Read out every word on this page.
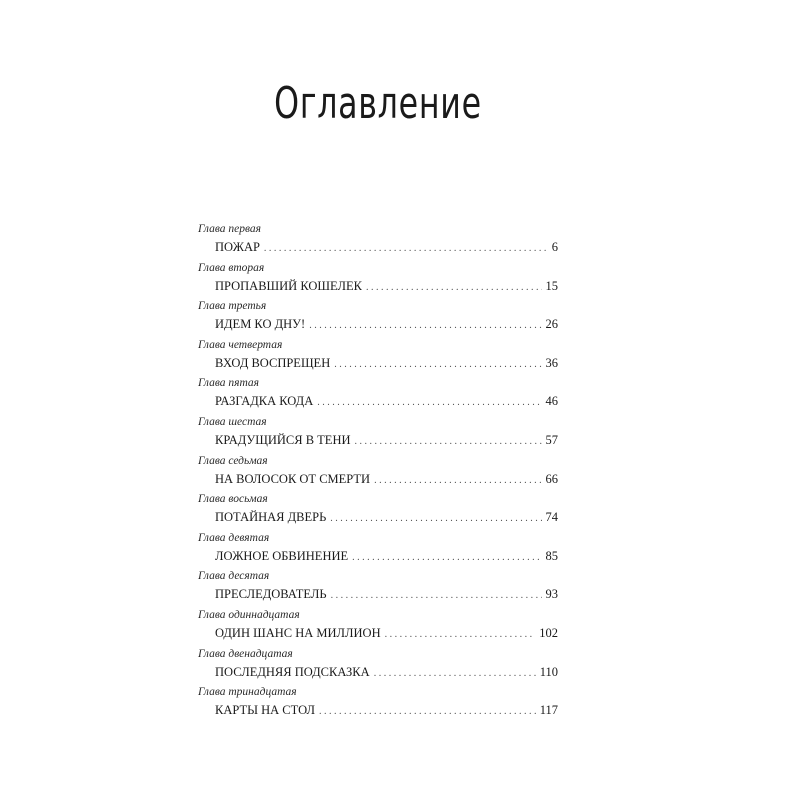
Оглавление
Глава первая
ПОЖАР . . .	6
Глава вторая
ПРОПАВШИЙ КОШЕЛЕК . . .	15
Глава третья
ИДЕМ КО ДНУ! . . .	26
Глава четвертая
ВХОД ВОСПРЕЩЕН . . .	36
Глава пятая
РАЗГАДКА КОДА . . .	46
Глава шестая
КРАДУЩИЙСЯ В ТЕНИ . . .	57
Глава седьмая
НА ВОЛОСОК ОТ СМЕРТИ . . .	66
Глава восьмая
ПОТАЙНАЯ ДВЕРЬ . . .	74
Глава девятая
ЛОЖНОЕ ОБВИНЕНИЕ . . .	85
Глава десятая
ПРЕСЛЕДОВАТЕЛЬ . . .	93
Глава одиннадцатая
ОДИН ШАНС НА МИЛЛИОН . . .	102
Глава двенадцатая
ПОСЛЕДНЯЯ ПОДСКАЗКА . . .	110
Глава тринадцатая
КАРТЫ НА СТОЛ . . .	117
